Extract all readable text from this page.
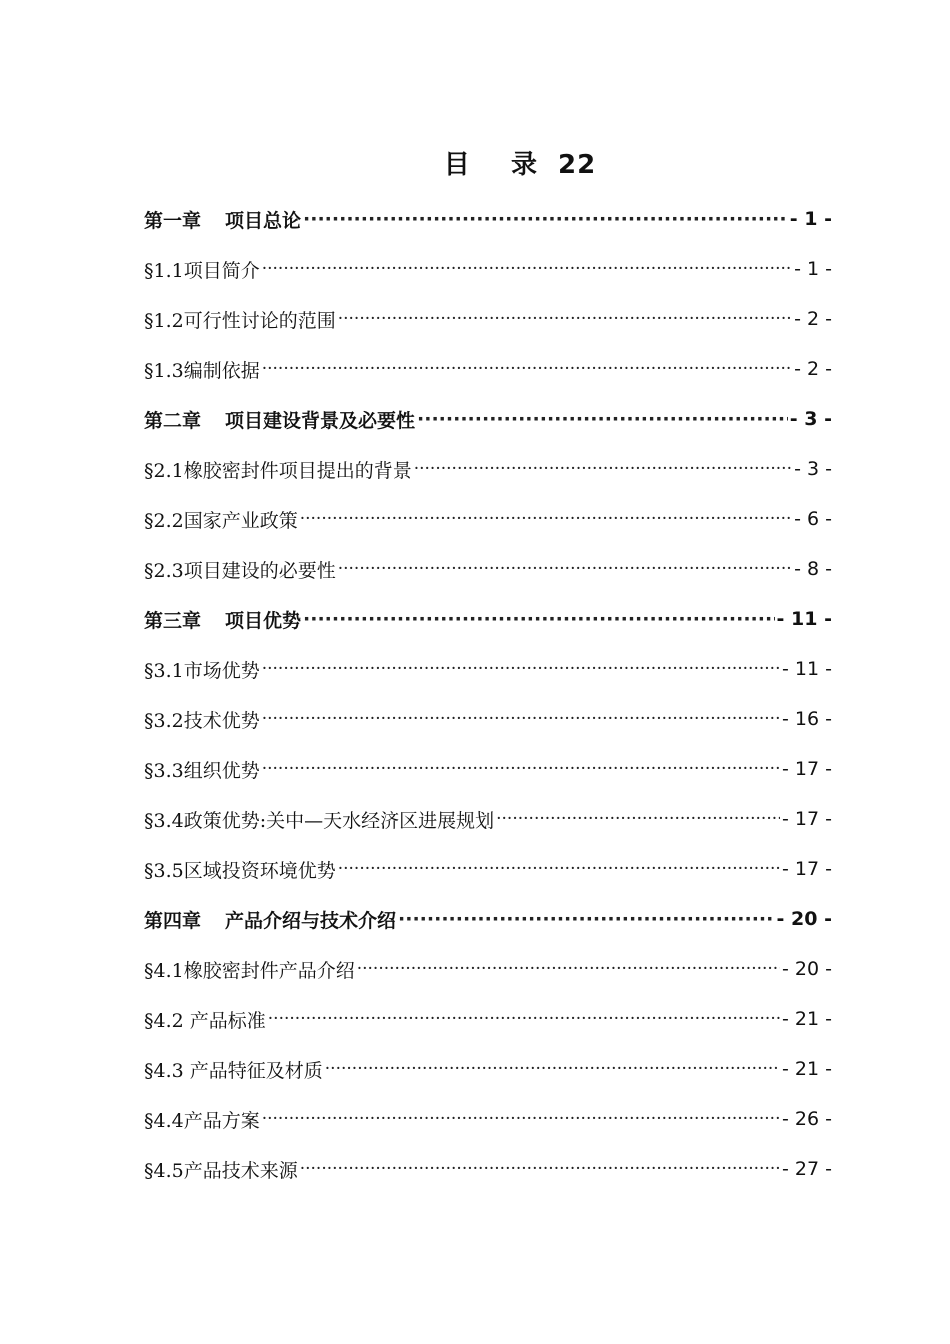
目    录  22
第一章 项目总论 ·····	- 1 -
§1.1项目简介 ·····	- 1 -
§1.2可行性讨论的范围 ·····	- 2 -
§1.3编制依据 ·····	- 2 -
第二章 项目建设背景及必要性 ·····	- 3 -
§2.1橡胶密封件项目提出的背景 ·····	- 3 -
§2.2国家产业政策 ·····	- 6 -
§2.3项目建设的必要性 ·····	- 8 -
第三章 项目优势 ·····	- 11 -
§3.1市场优势 ·····	- 11 -
§3.2技术优势 ·····	- 16 -
§3.3组织优势 ·····	- 17 -
§3.4政策优势:关中—天水经济区进展规划 ·····	- 17 -
§3.5区域投资环境优势 ·····	- 17 -
第四章 产品介绍与技术介绍 ·····	- 20 -
§4.1橡胶密封件产品介绍 ·····	- 20 -
§4.2 产品标准 ·····	- 21 -
§4.3 产品特征及材质 ·····	- 21 -
§4.4产品方案 ·····	- 26 -
§4.5产品技术来源 ·····	- 27 -
